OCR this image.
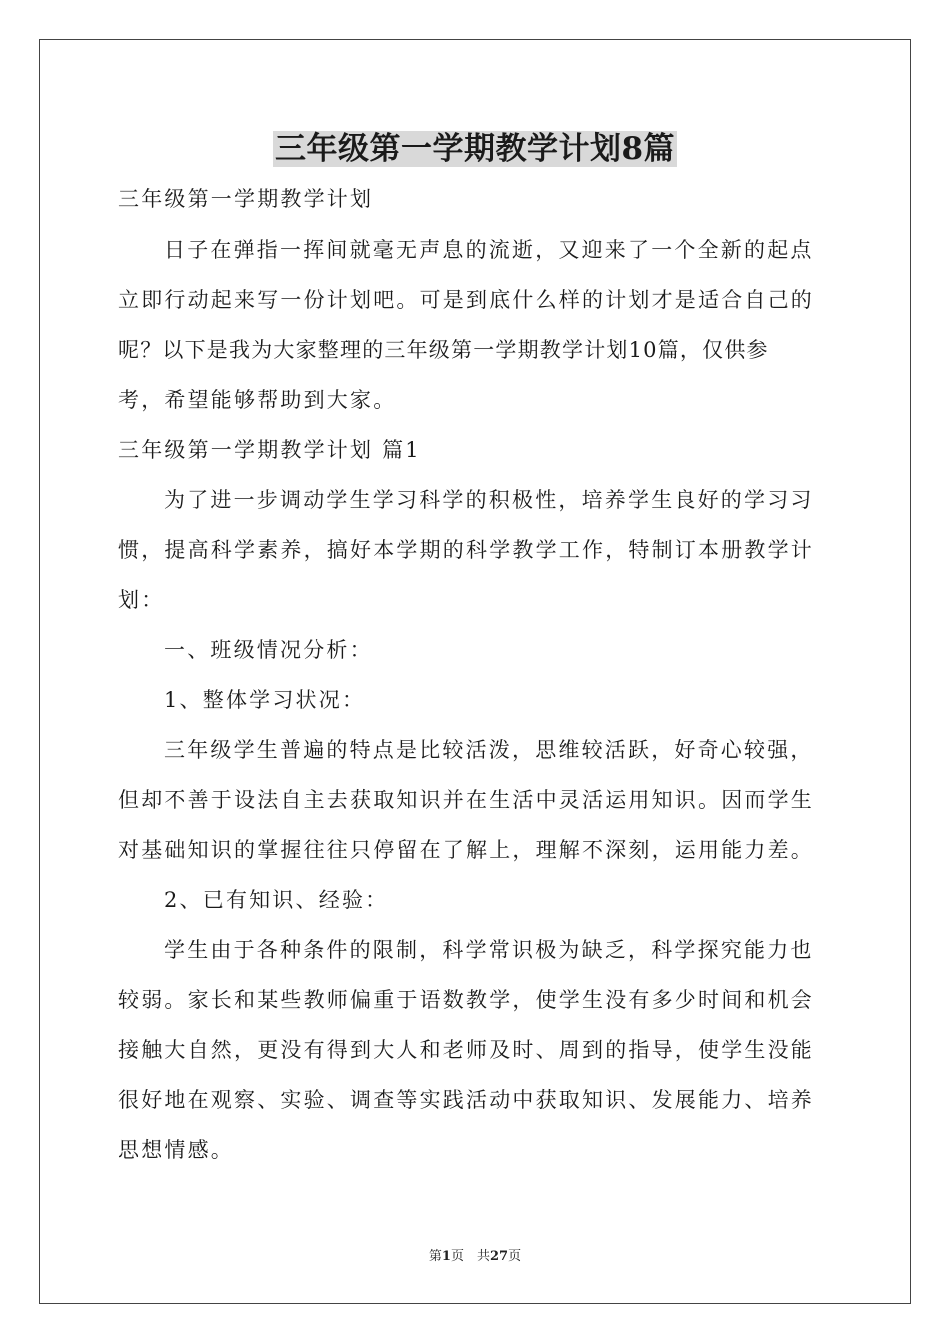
三年级第一学期教学计划8篇
三年级第一学期教学计划
日子在弹指一挥间就毫无声息的流逝，又迎来了一个全新的起点
立即行动起来写一份计划吧。可是到底什么样的计划才是适合自己的
呢？以下是我为大家整理的三年级第一学期教学计划10篇，仅供参
考，希望能够帮助到大家。
三年级第一学期教学计划 篇1
为了进一步调动学生学习科学的积极性，培养学生良好的学习习
惯，提高科学素养，搞好本学期的科学教学工作，特制订本册教学计
划：
一、班级情况分析：
1、整体学习状况：
三年级学生普遍的特点是比较活泼，思维较活跃，好奇心较强，
但却不善于设法自主去获取知识并在生活中灵活运用知识。因而学生
对基础知识的掌握往往只停留在了解上，理解不深刻，运用能力差。
2、已有知识、经验：
学生由于各种条件的限制，科学常识极为缺乏，科学探究能力也
较弱。家长和某些教师偏重于语数教学，使学生没有多少时间和机会
接触大自然，更没有得到大人和老师及时、周到的指导，使学生没能
很好地在观察、实验、调查等实践活动中获取知识、发展能力、培养
思想情感。
第1页　共27页
